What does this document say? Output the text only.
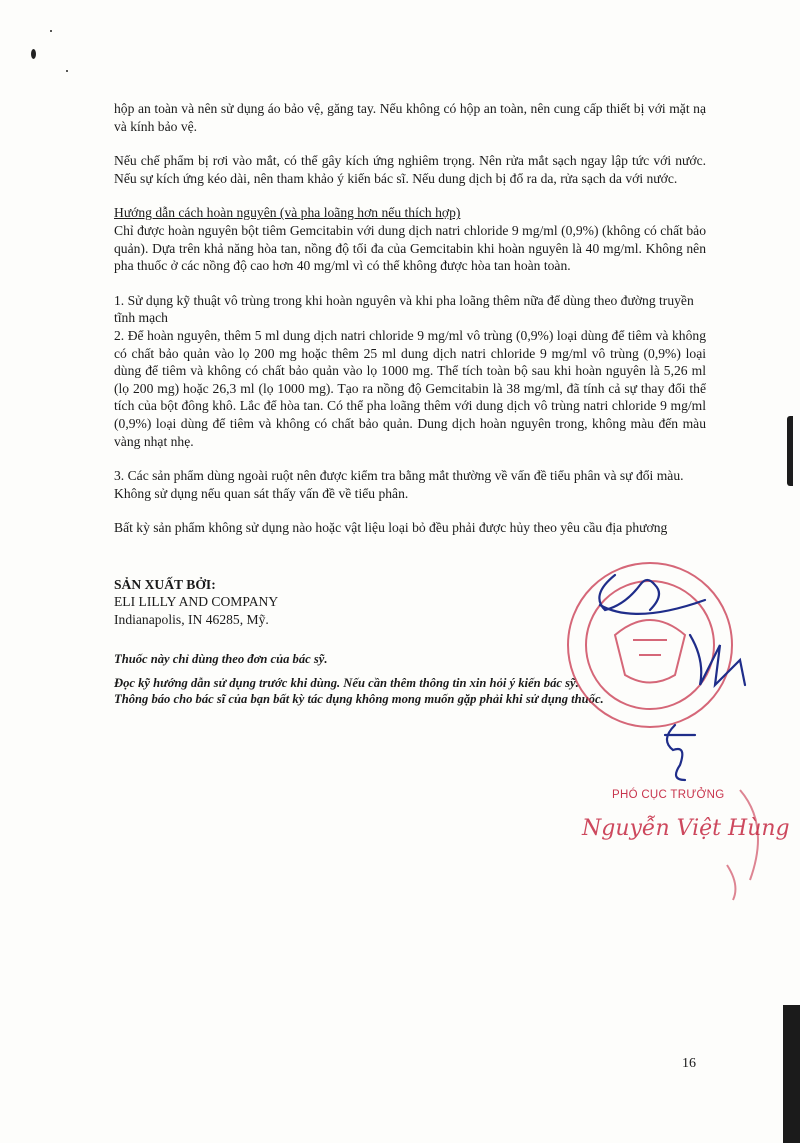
hộp an toàn và nên sử dụng áo bảo vệ, găng tay. Nếu không có hộp an toàn, nên cung cấp thiết bị với mặt nạ và kính bảo vệ.

Nếu chế phẩm bị rơi vào mắt, có thể gây kích ứng nghiêm trọng. Nên rửa mắt sạch ngay lập tức với nước. Nếu sự kích ứng kéo dài, nên tham khảo ý kiến bác sĩ. Nếu dung dịch bị đổ ra da, rửa sạch da với nước.

Hướng dẫn cách hoàn nguyên (và pha loãng hơn nếu thích hợp)

Chỉ được hoàn nguyên bột tiêm Gemcitabin với dung dịch natri chloride 9 mg/ml (0,9%) (không có chất bảo quản). Dựa trên khả năng hòa tan, nồng độ tối đa của Gemcitabin khi hoàn nguyên là 40 mg/ml. Không nên pha thuốc ở các nồng độ cao hơn 40 mg/ml vì có thể không được hòa tan hoàn toàn.

1. Sử dụng kỹ thuật vô trùng trong khi hoàn nguyên và khi pha loãng thêm nữa để dùng theo đường truyền tĩnh mạch

2. Để hoàn nguyên, thêm 5 ml dung dịch natri chloride 9 mg/ml vô trùng (0,9%) loại dùng để tiêm và không có chất bảo quản vào lọ 200 mg hoặc thêm 25 ml dung dịch natri chloride 9 mg/ml vô trùng (0,9%) loại dùng để tiêm và không có chất bảo quản vào lọ 1000 mg. Thể tích toàn bộ sau khi hoàn nguyên là 5,26 ml (lọ 200 mg) hoặc 26,3 ml (lọ 1000 mg). Tạo ra nồng độ Gemcitabin là 38 mg/ml, đã tính cả sự thay đổi thể tích của bột đông khô. Lắc để hòa tan. Có thể pha loãng thêm với dung dịch vô trùng natri chloride 9 mg/ml (0,9%) loại dùng để tiêm và không có chất bảo quản. Dung dịch hoàn nguyên trong, không màu đến màu vàng nhạt nhẹ.

3. Các sản phẩm dùng ngoài ruột nên được kiểm tra bằng mắt thường về vấn đề tiểu phân và sự đổi màu. Không sử dụng nếu quan sát thấy vấn đề về tiểu phân.

Bất kỳ sản phẩm không sử dụng nào hoặc vật liệu loại bỏ đều phải được hủy theo yêu cầu địa phương

SẢN XUẤT BỞI:

ELI LILLY AND COMPANY

Indianapolis, IN 46285, Mỹ.

Thuốc này chỉ dùng theo đơn của bác sỹ.

Đọc kỹ hướng dẫn sử dụng trước khi dùng. Nếu cần thêm thông tin xin hỏi ý kiến bác sỹ.

Thông báo cho bác sĩ của bạn bất kỳ tác dụng không mong muốn gặp phải khi sử dụng thuốc.

PHÓ CỤC TRƯỞNG
Nguyễn Việt Hùng
16
